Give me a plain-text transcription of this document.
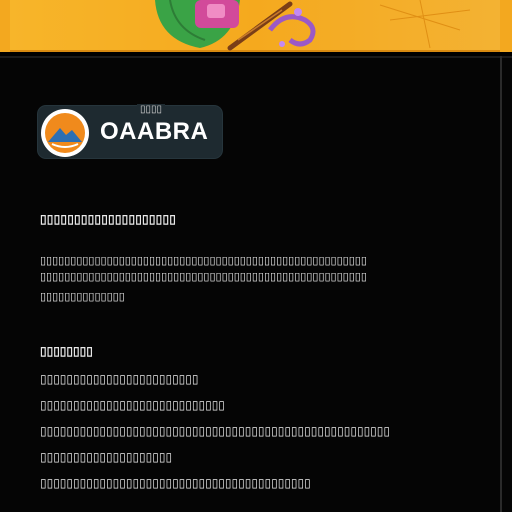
▯▯▯▯
OAABRA
▯▯▯▯▯▯▯▯▯▯▯▯▯▯▯▯▯▯▯▯
▯▯▯▯▯▯▯▯▯▯▯▯▯▯▯▯▯▯▯▯▯▯▯▯▯▯▯▯▯▯▯▯▯▯▯▯▯▯▯▯▯▯▯▯▯▯▯▯▯▯▯▯▯▯
▯▯▯▯▯▯▯▯▯▯▯▯▯▯▯▯▯▯▯▯▯▯▯▯▯▯▯▯▯▯▯▯▯▯▯▯▯▯▯▯▯▯▯▯▯▯▯▯▯▯▯▯▯▯
▯▯▯▯▯▯▯▯▯▯▯▯▯▯
▯▯▯▯▯▯▯▯
▯▯▯▯▯▯▯▯▯▯▯▯▯▯▯▯▯▯▯▯▯▯▯▯
▯▯▯▯▯▯▯▯▯▯▯▯▯▯▯▯▯▯▯▯▯▯▯▯▯▯▯▯
▯▯▯▯▯▯▯▯▯▯▯▯▯▯▯▯▯▯▯▯▯▯▯▯▯▯▯▯▯▯▯▯▯▯▯▯▯▯▯▯▯▯▯▯▯▯▯▯▯▯▯▯▯
▯▯▯▯▯▯▯▯▯▯▯▯▯▯▯▯▯▯▯▯
▯▯▯▯▯▯▯▯▯▯▯▯▯▯▯▯▯▯▯▯▯▯▯▯▯▯▯▯▯▯▯▯▯▯▯▯▯▯▯▯▯
